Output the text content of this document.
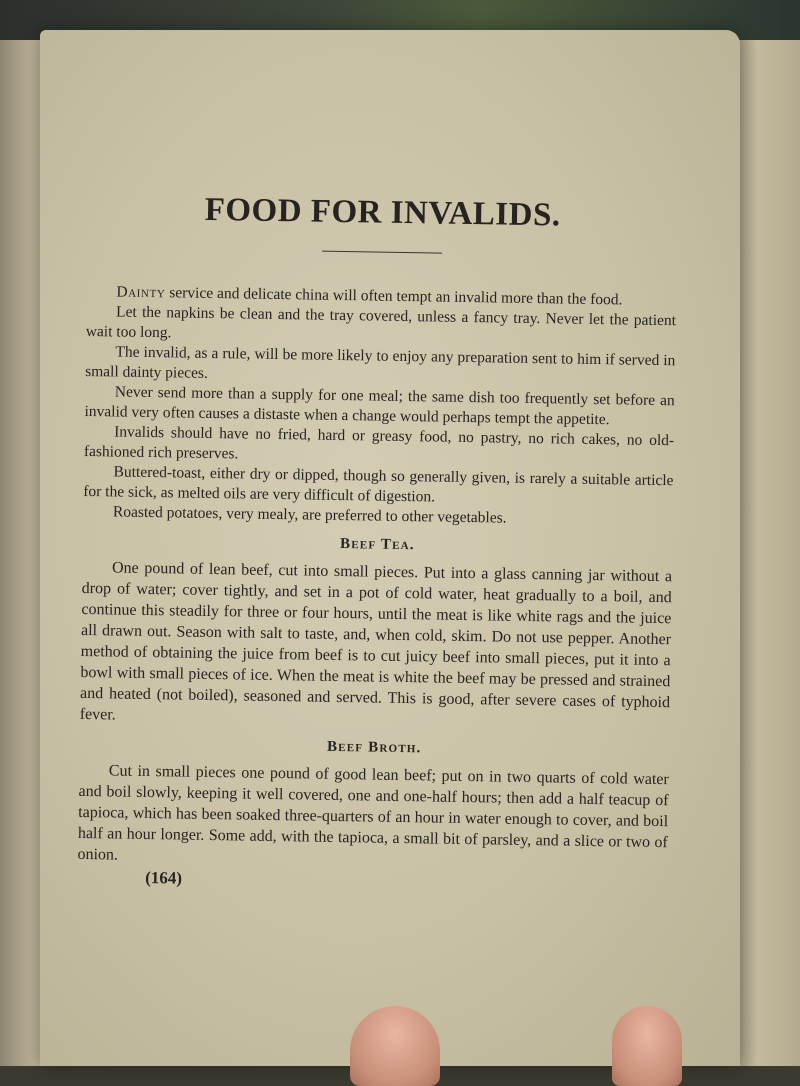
FOOD FOR INVALIDS.

Dainty service and delicate china will often tempt an invalid more than the food.

Let the napkins be clean and the tray covered, unless a fancy tray. Never let the patient wait too long.

The invalid, as a rule, will be more likely to enjoy any preparation sent to him if served in small dainty pieces.

Never send more than a supply for one meal; the same dish too frequently set before an invalid very often causes a distaste when a change would perhaps tempt the appetite.

Invalids should have no fried, hard or greasy food, no pastry, no rich cakes, no old-fashioned rich preserves.

Buttered-toast, either dry or dipped, though so generally given, is rarely a suitable article for the sick, as melted oils are very difficult of digestion.

Roasted potatoes, very mealy, are preferred to other vegetables.

Beef Tea.

One pound of lean beef, cut into small pieces. Put into a glass canning jar without a drop of water; cover tightly, and set in a pot of cold water, heat gradually to a boil, and continue this steadily for three or four hours, until the meat is like white rags and the juice all drawn out. Season with salt to taste, and, when cold, skim. Do not use pepper. Another method of obtaining the juice from beef is to cut juicy beef into small pieces, put it into a bowl with small pieces of ice. When the meat is white the beef may be pressed and strained and heated (not boiled), seasoned and served. This is good, after severe cases of typhoid fever.

Beef Broth.

Cut in small pieces one pound of good lean beef; put on in two quarts of cold water and boil slowly, keeping it well covered, one and one-half hours; then add a half teacup of tapioca, which has been soaked three-quarters of an hour in water enough to cover, and boil half an hour longer. Some add, with the tapioca, a small bit of parsley, and a slice or two of onion.

(164)
